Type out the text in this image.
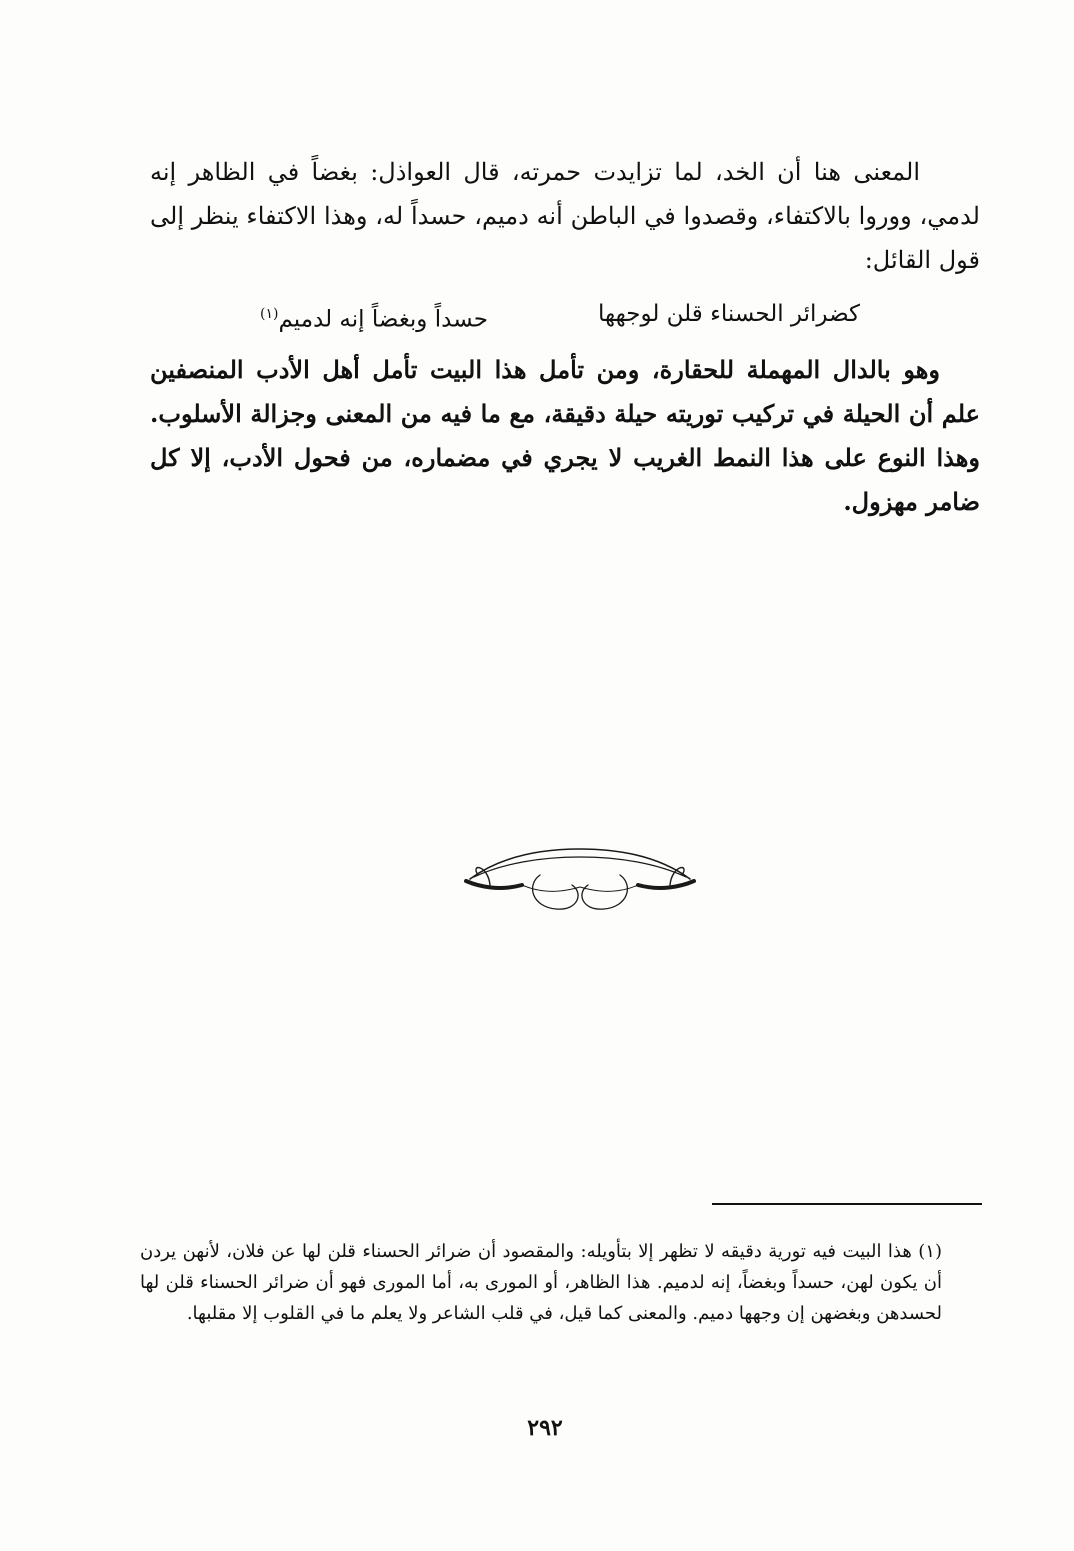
المعنى هنا أن الخد، لما تزايدت حمرته، قال العواذل: بغضاً في الظاهر إنه لدمي، ووروا بالاكتفاء، وقصدوا في الباطن أنه دميم، حسداً له، وهذا الاكتفاء ينظر إلى قول القائل:

كضرائر الحسناء قلن لوجهها
حسداً وبغضاً إنه لدميم$^{(١)}$
وهو بالدال المهملة للحقارة، ومن تأمل هذا البيت تأمل أهل الأدب المنصفين علم أن الحيلة في تركيب توريته حيلة دقيقة، مع ما فيه من المعنى وجزالة الأسلوب. وهذا النوع على هذا النمط الغريب لا يجري في مضماره، من فحول الأدب، إلا كل ضامر مهزول.
(١) هذا البيت فيه تورية دقيقه لا تظهر إلا بتأويله: والمقصود أن ضرائر الحسناء قلن لها عن فلان، لأنهن يردن أن يكون لهن، حسداً وبغضاً، إنه لدميم. هذا الظاهر، أو المورى به، أما المورى فهو أن ضرائر الحسناء قلن لها لحسدهن وبغضهن إن وجهها دميم. والمعنى كما قيل، في قلب الشاعر ولا يعلم ما في القلوب إلا مقلبها.
٢٩٢
